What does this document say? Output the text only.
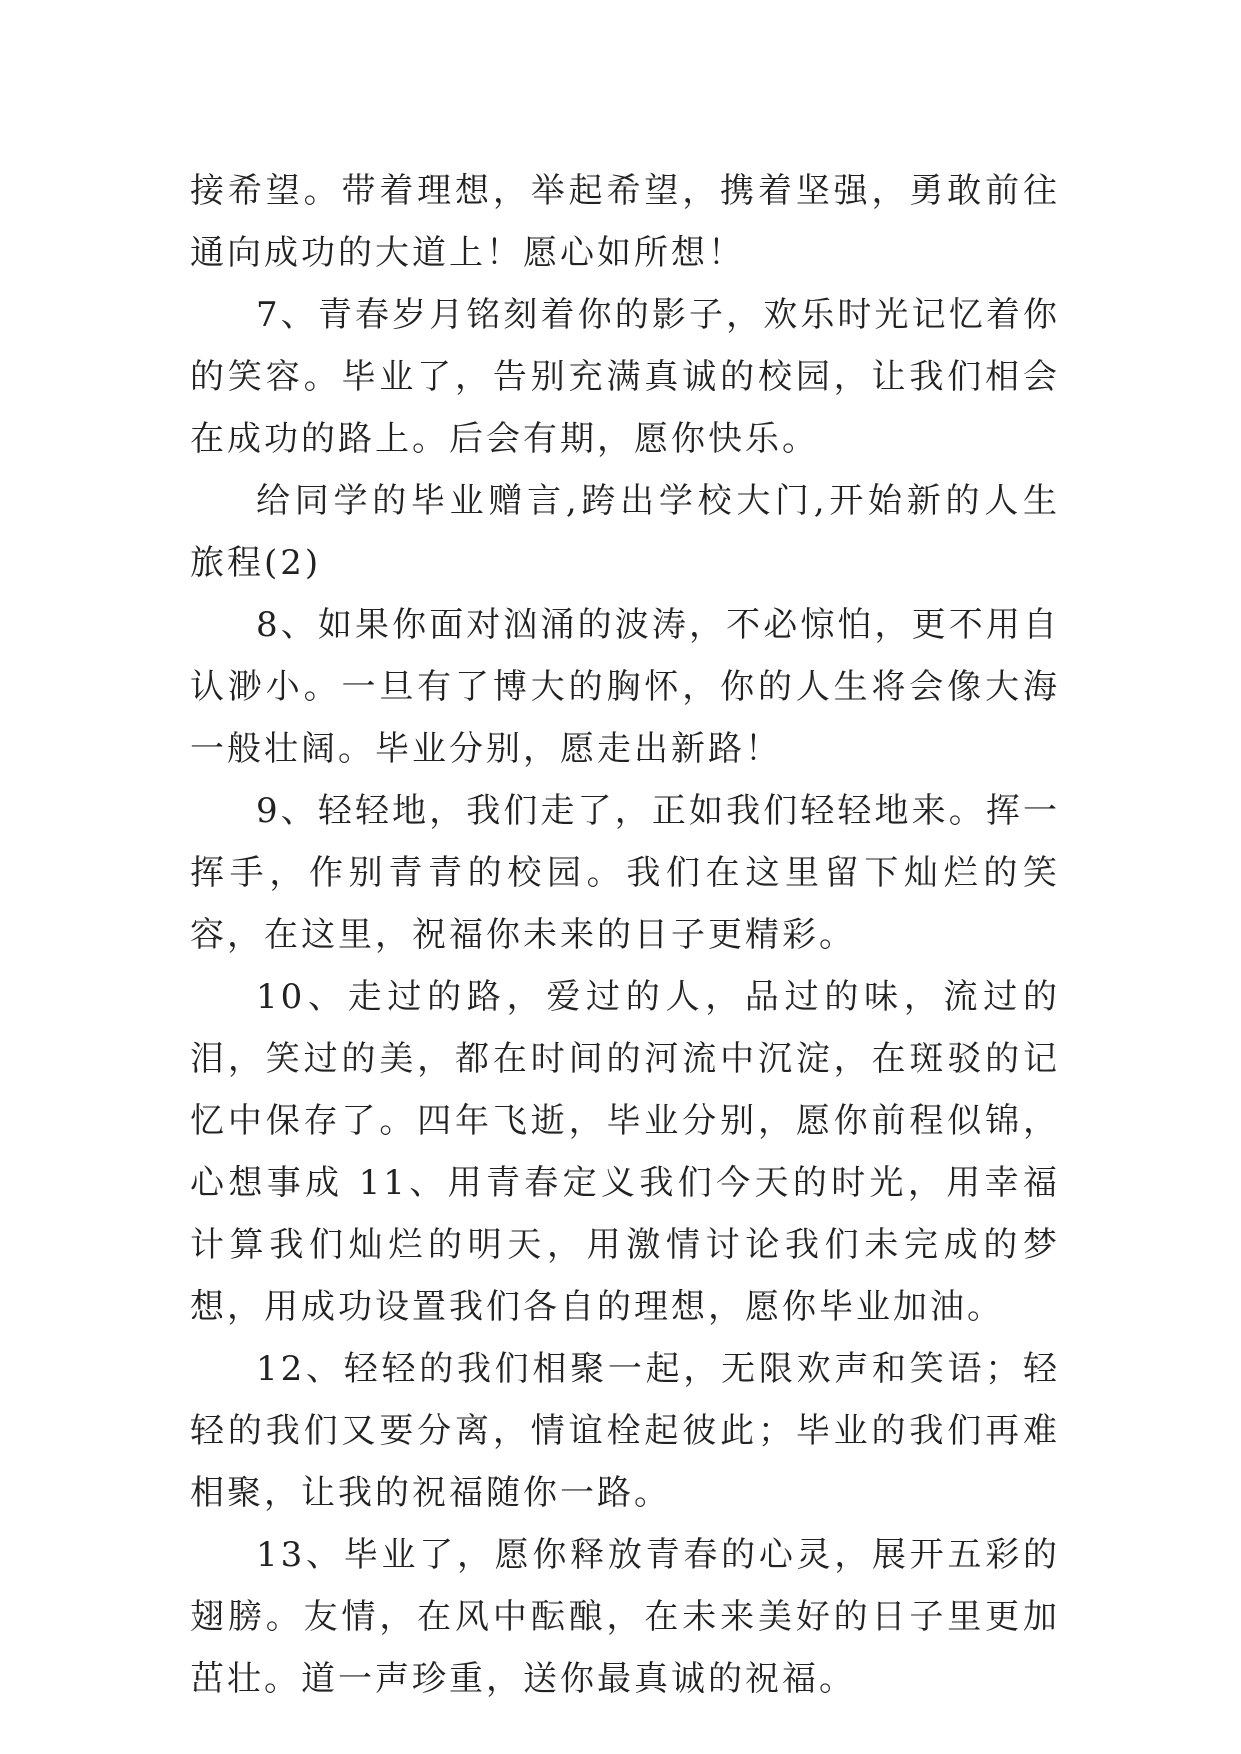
接希望。带着理想，举起希望，携着坚强，勇敢前往通向成功的大道上！愿心如所想！

7、青春岁月铭刻着你的影子，欢乐时光记忆着你的笑容。毕业了，告别充满真诚的校园，让我们相会在成功的路上。后会有期，愿你快乐。

给同学的毕业赠言,跨出学校大门,开始新的人生旅程(2)

8、如果你面对汹涌的波涛，不必惊怕，更不用自认渺小。一旦有了博大的胸怀，你的人生将会像大海一般壮阔。毕业分别，愿走出新路！

9、轻轻地，我们走了，正如我们轻轻地来。挥一挥手，作别青青的校园。我们在这里留下灿烂的笑容，在这里，祝福你未来的日子更精彩。

10、走过的路，爱过的人，品过的味，流过的泪，笑过的美，都在时间的河流中沉淀，在斑驳的记忆中保存了。四年飞逝，毕业分别，愿你前程似锦，心想事成 11、用青春定义我们今天的时光，用幸福计算我们灿烂的明天，用激情讨论我们未完成的梦想，用成功设置我们各自的理想，愿你毕业加油。

12、轻轻的我们相聚一起，无限欢声和笑语；轻轻的我们又要分离，情谊栓起彼此；毕业的我们再难相聚，让我的祝福随你一路。

13、毕业了，愿你释放青春的心灵，展开五彩的翅膀。友情，在风中酝酿，在未来美好的日子里更加茁壮。道一声珍重，送你最真诚的祝福。
